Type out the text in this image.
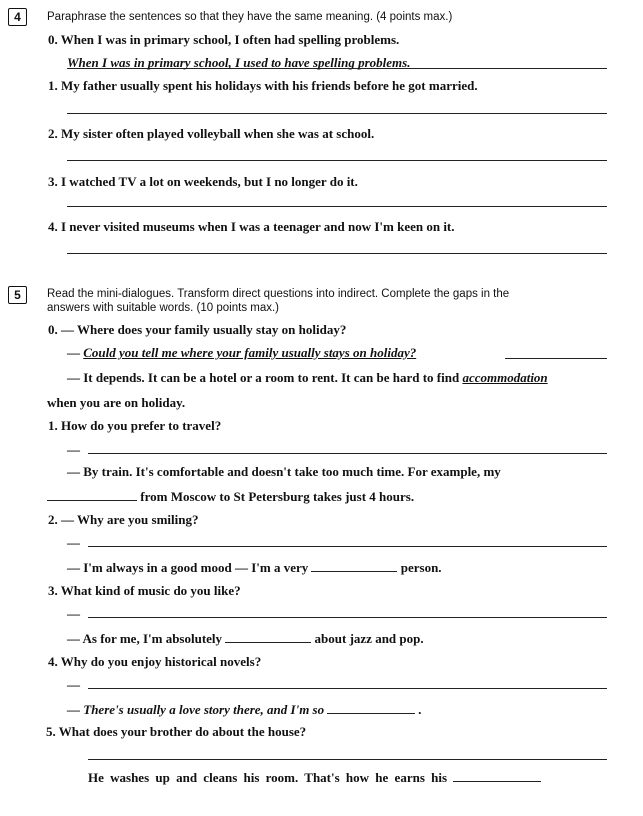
4	Paraphrase the sentences so that they have the same meaning. (4 points max.)
0. When I was in primary school, I often had spelling problems.
When I was in primary school, I used to have spelling problems.
1. My father usually spent his holidays with his friends before he got married.
2. My sister often played volleyball when she was at school.
3. I watched TV a lot on weekends, but I no longer do it.
4. I never visited museums when I was a teenager and now I'm keen on it.
5	Read the mini-dialogues. Transform direct questions into indirect. Complete the gaps in the
answers with suitable words. (10 points max.)
0. — Where does your family usually stay on holiday?
— Could you tell me where your family usually stays on holiday?
— It depends. It can be a hotel or a room to rent. It can be hard to find accommodation
when you are on holiday.
1. How do you prefer to travel?
—
— By train. It's comfortable and doesn't take too much time. For example, my
from Moscow to St Petersburg takes just 4 hours.
2. — Why are you smiling?
—
— I'm always in a good mood — I'm a very	person.
3. What kind of music do you like?
—
— As for me, I'm absolutely	about jazz and pop.
4. Why do you enjoy historical novels?
—
— There's usually a love story there, and I'm so	.
5. What does your brother do about the house?
He washes up and cleans his room. That's how he earns his
